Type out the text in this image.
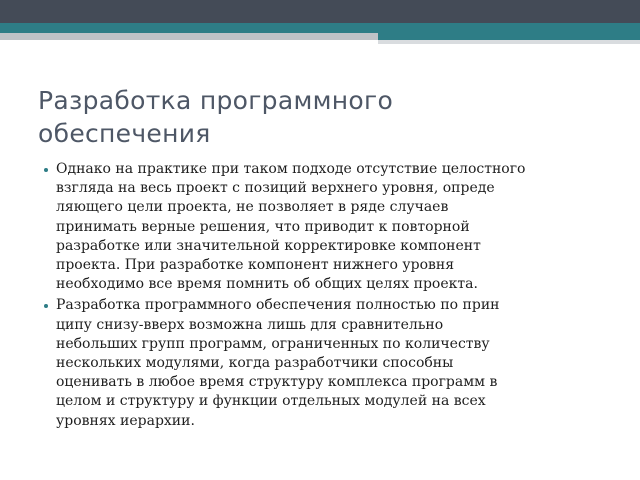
Разработка программного
обеспечения
Однако на практике при таком подходе отсутствие целостного
взгляда на весь проект с позиций верхнего уровня, опреде
ляющего цели проекта, не позволяет в ряде случаев
принимать верные решения, что приводит к повторной
разработке или значительной корректировке компонент
проекта. При разработке компонент нижнего уровня
необходимо все время помнить об общих целях проекта.
Разработка программного обеспечения полностью по прин
ципу снизу-вверх возможна лишь для сравнительно
небольших групп программ, ограниченных по количеству
нескольких модулями, когда разработчики способны
оценивать в любое время структуру комплекса программ в
целом и структуру и функции отдельных модулей на всех
уровнях иерархии.
